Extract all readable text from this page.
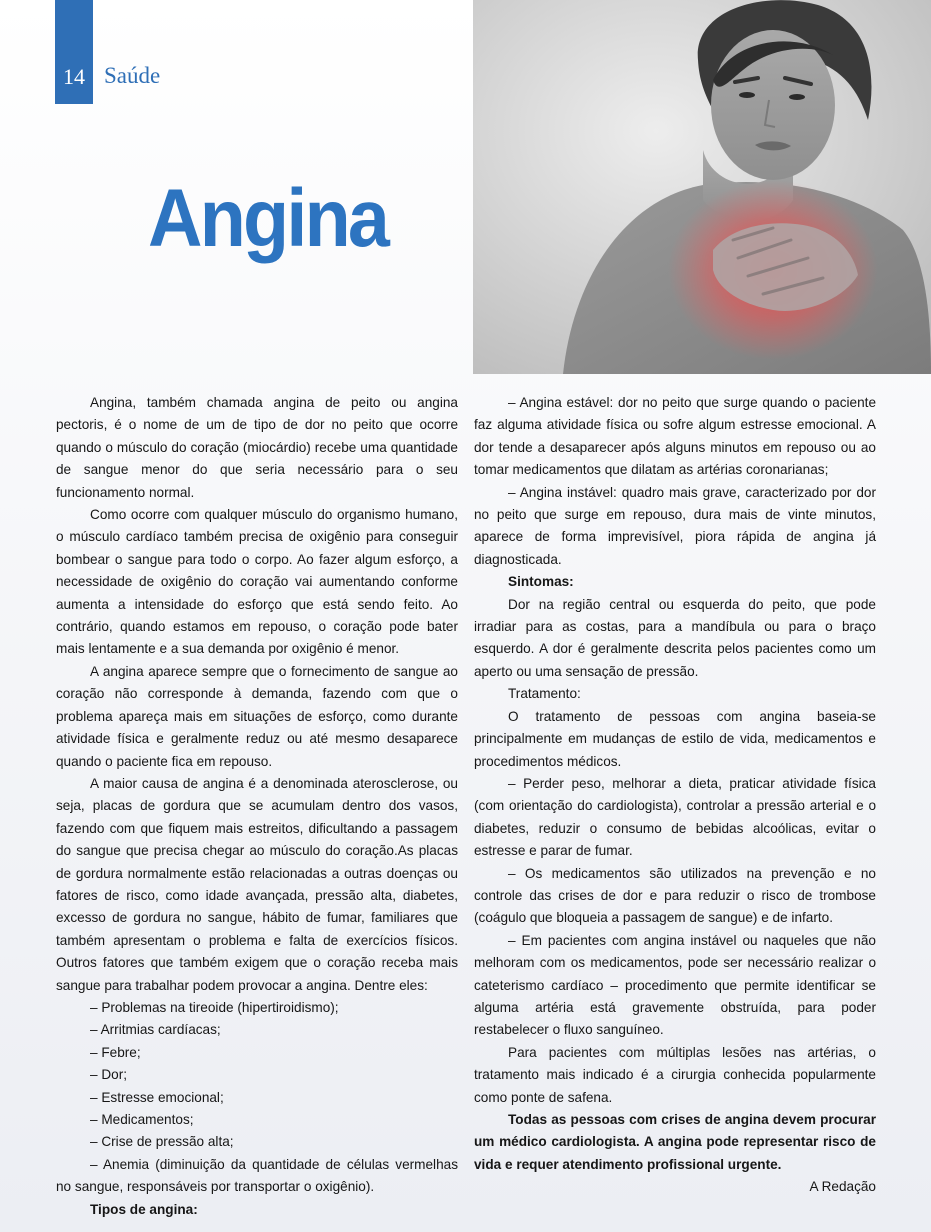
14 Saúde
Angina

Angina, também chamada angina de peito ou angina pectoris, é o nome de um de tipo de dor no peito que ocorre quando o músculo do coração (miocárdio) recebe uma quantidade de sangue menor do que seria necessário para o seu funcionamento normal.

Como ocorre com qualquer músculo do organismo humano, o músculo cardíaco também precisa de oxigênio para conseguir bombear o sangue para todo o corpo. Ao fazer algum esforço, a necessidade de oxigênio do coração vai aumentando conforme aumenta a intensidade do esforço que está sendo feito. Ao contrário, quando estamos em repouso, o coração pode bater mais lentamente e a sua demanda por oxigênio é menor.

A angina aparece sempre que o fornecimento de sangue ao coração não corresponde à demanda, fazendo com que o problema apareça mais em situações de esforço, como durante atividade física e geralmente reduz ou até mesmo desaparece quando o paciente fica em repouso.

A maior causa de angina é a denominada aterosclerose, ou seja, placas de gordura que se acumulam dentro dos vasos, fazendo com que fiquem mais estreitos, dificultando a passagem do sangue que precisa chegar ao músculo do coração.As placas de gordura normalmente estão relacionadas a outras doenças ou fatores de risco, como idade avançada, pressão alta, diabetes, excesso de gordura no sangue, hábito de fumar, familiares que também apresentam o problema e falta de exercícios físicos. Outros fatores que também exigem que o coração receba mais sangue para trabalhar podem provocar a angina. Dentre eles:

– Problemas na tireoide (hipertiroidismo);

– Arritmias cardíacas;

– Febre;

– Dor;

– Estresse emocional;

– Medicamentos;

– Crise de pressão alta;

– Anemia (diminuição da quantidade de células vermelhas no sangue, responsáveis por transportar o oxigênio).

Tipos de angina:

– Angina estável: dor no peito que surge quando o paciente faz alguma atividade física ou sofre algum estresse emocional. A dor tende a desaparecer após alguns minutos em repouso ou ao tomar medicamentos que dilatam as artérias coronarianas;

– Angina instável: quadro mais grave, caracterizado por dor no peito que surge em repouso, dura mais de vinte minutos, aparece de forma imprevisível, piora rápida de angina já diagnosticada.

Sintomas:

Dor na região central ou esquerda do peito, que pode irradiar para as costas, para a mandíbula ou para o braço esquerdo. A dor é geralmente descrita pelos pacientes como um aperto ou uma sensação de pressão.

Tratamento:

O tratamento de pessoas com angina baseia-se principalmente em mudanças de estilo de vida, medicamentos e procedimentos médicos.

– Perder peso, melhorar a dieta, praticar atividade física (com orientação do cardiologista), controlar a pressão arterial e o diabetes, reduzir o consumo de bebidas alcoólicas, evitar o estresse e parar de fumar.

– Os medicamentos são utilizados na prevenção e no controle das crises de dor e para reduzir o risco de trombose (coágulo que bloqueia a passagem de sangue) e de infarto.

– Em pacientes com angina instável ou naqueles que não melhoram com os medicamentos, pode ser necessário realizar o cateterismo cardíaco – procedimento que permite identificar se alguma artéria está gravemente obstruída, para poder restabelecer o fluxo sanguíneo.

Para pacientes com múltiplas lesões nas artérias, o tratamento mais indicado é a cirurgia conhecida popularmente como ponte de safena.

Todas as pessoas com crises de angina devem procurar um médico cardiologista. A angina pode representar risco de vida e requer atendimento profissional urgente.

A Redação
